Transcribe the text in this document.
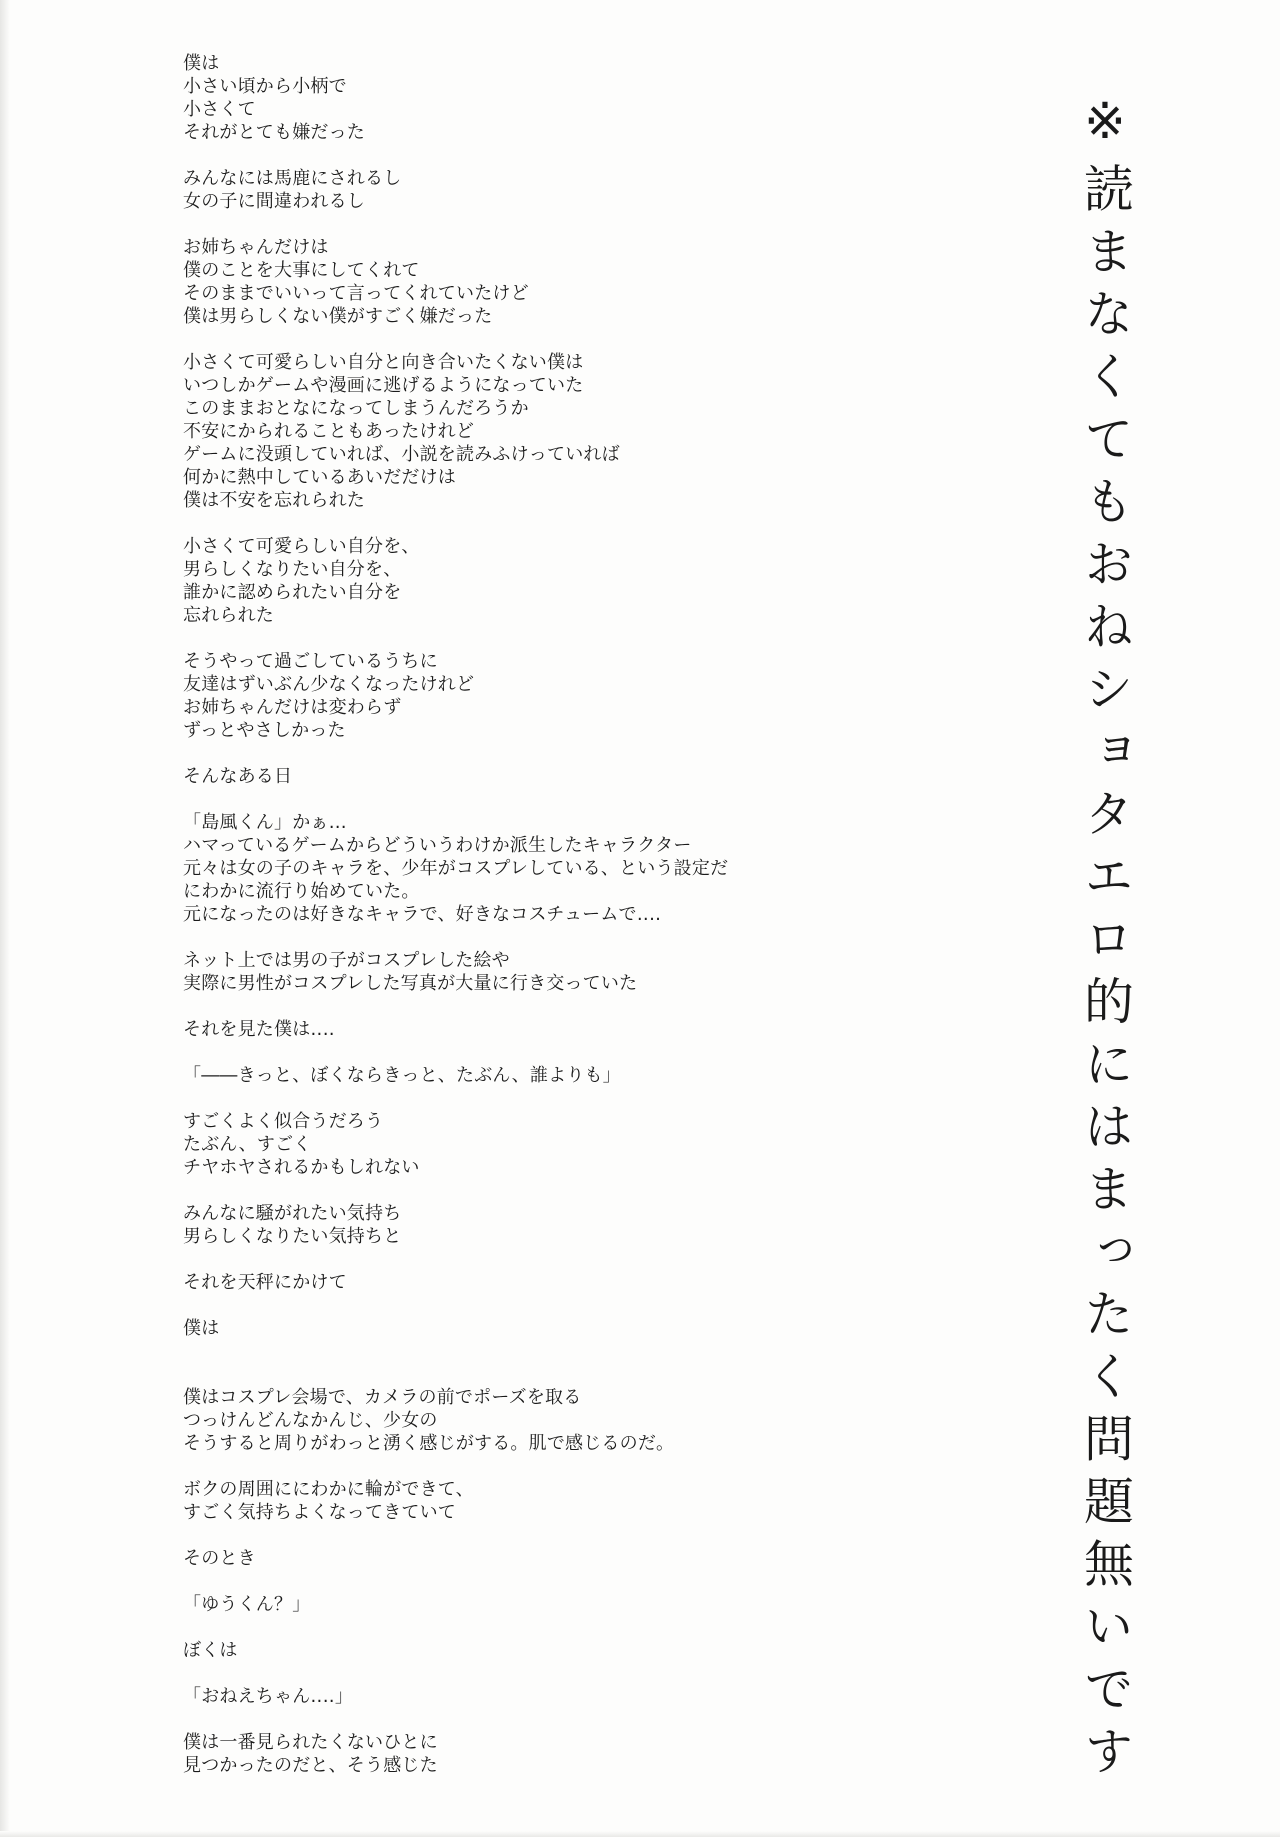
僕は
小さい頃から小柄で
小さくて
それがとても嫌だった
みんなには馬鹿にされるし
女の子に間違われるし
お姉ちゃんだけは
僕のことを大事にしてくれて
そのままでいいって言ってくれていたけど
僕は男らしくない僕がすごく嫌だった
小さくて可愛らしい自分と向き合いたくない僕は
いつしかゲームや漫画に逃げるようになっていた
このままおとなになってしまうんだろうか
不安にかられることもあったけれど
ゲームに没頭していれば、小説を読みふけっていれば
何かに熱中しているあいだだけは
僕は不安を忘れられた
小さくて可愛らしい自分を、
男らしくなりたい自分を、
誰かに認められたい自分を
忘れられた
そうやって過ごしているうちに
友達はずいぶん少なくなったけれど
お姉ちゃんだけは変わらず
ずっとやさしかった
そんなある日
「島風くん」かぁ…
ハマっているゲームからどういうわけか派生したキャラクター
元々は女の子のキャラを、少年がコスプレしている、という設定だ
にわかに流行り始めていた。
元になったのは好きなキャラで、好きなコスチュームで‥‥
ネット上では男の子がコスプレした絵や
実際に男性がコスプレした写真が大量に行き交っていた
それを見た僕は‥‥
「――きっと、ぼくならきっと、たぶん、誰よりも」
すごくよく似合うだろう
たぶん、すごく
チヤホヤされるかもしれない
みんなに騒がれたい気持ち
男らしくなりたい気持ちと
それを天秤にかけて
僕は
僕はコスプレ会場で、カメラの前でポーズを取る
つっけんどんなかんじ、少女の
そうすると周りがわっと湧く感じがする。肌で感じるのだ。
ボクの周囲ににわかに輪ができて、
すごく気持ちよくなってきていて
そのとき
「ゆうくん？」
ぼくは
「おねえちゃん‥‥」
僕は一番見られたくないひとに
見つかったのだと、そう感じた	※読まなくてもおねショタエロ的にはまったく問題無いです
